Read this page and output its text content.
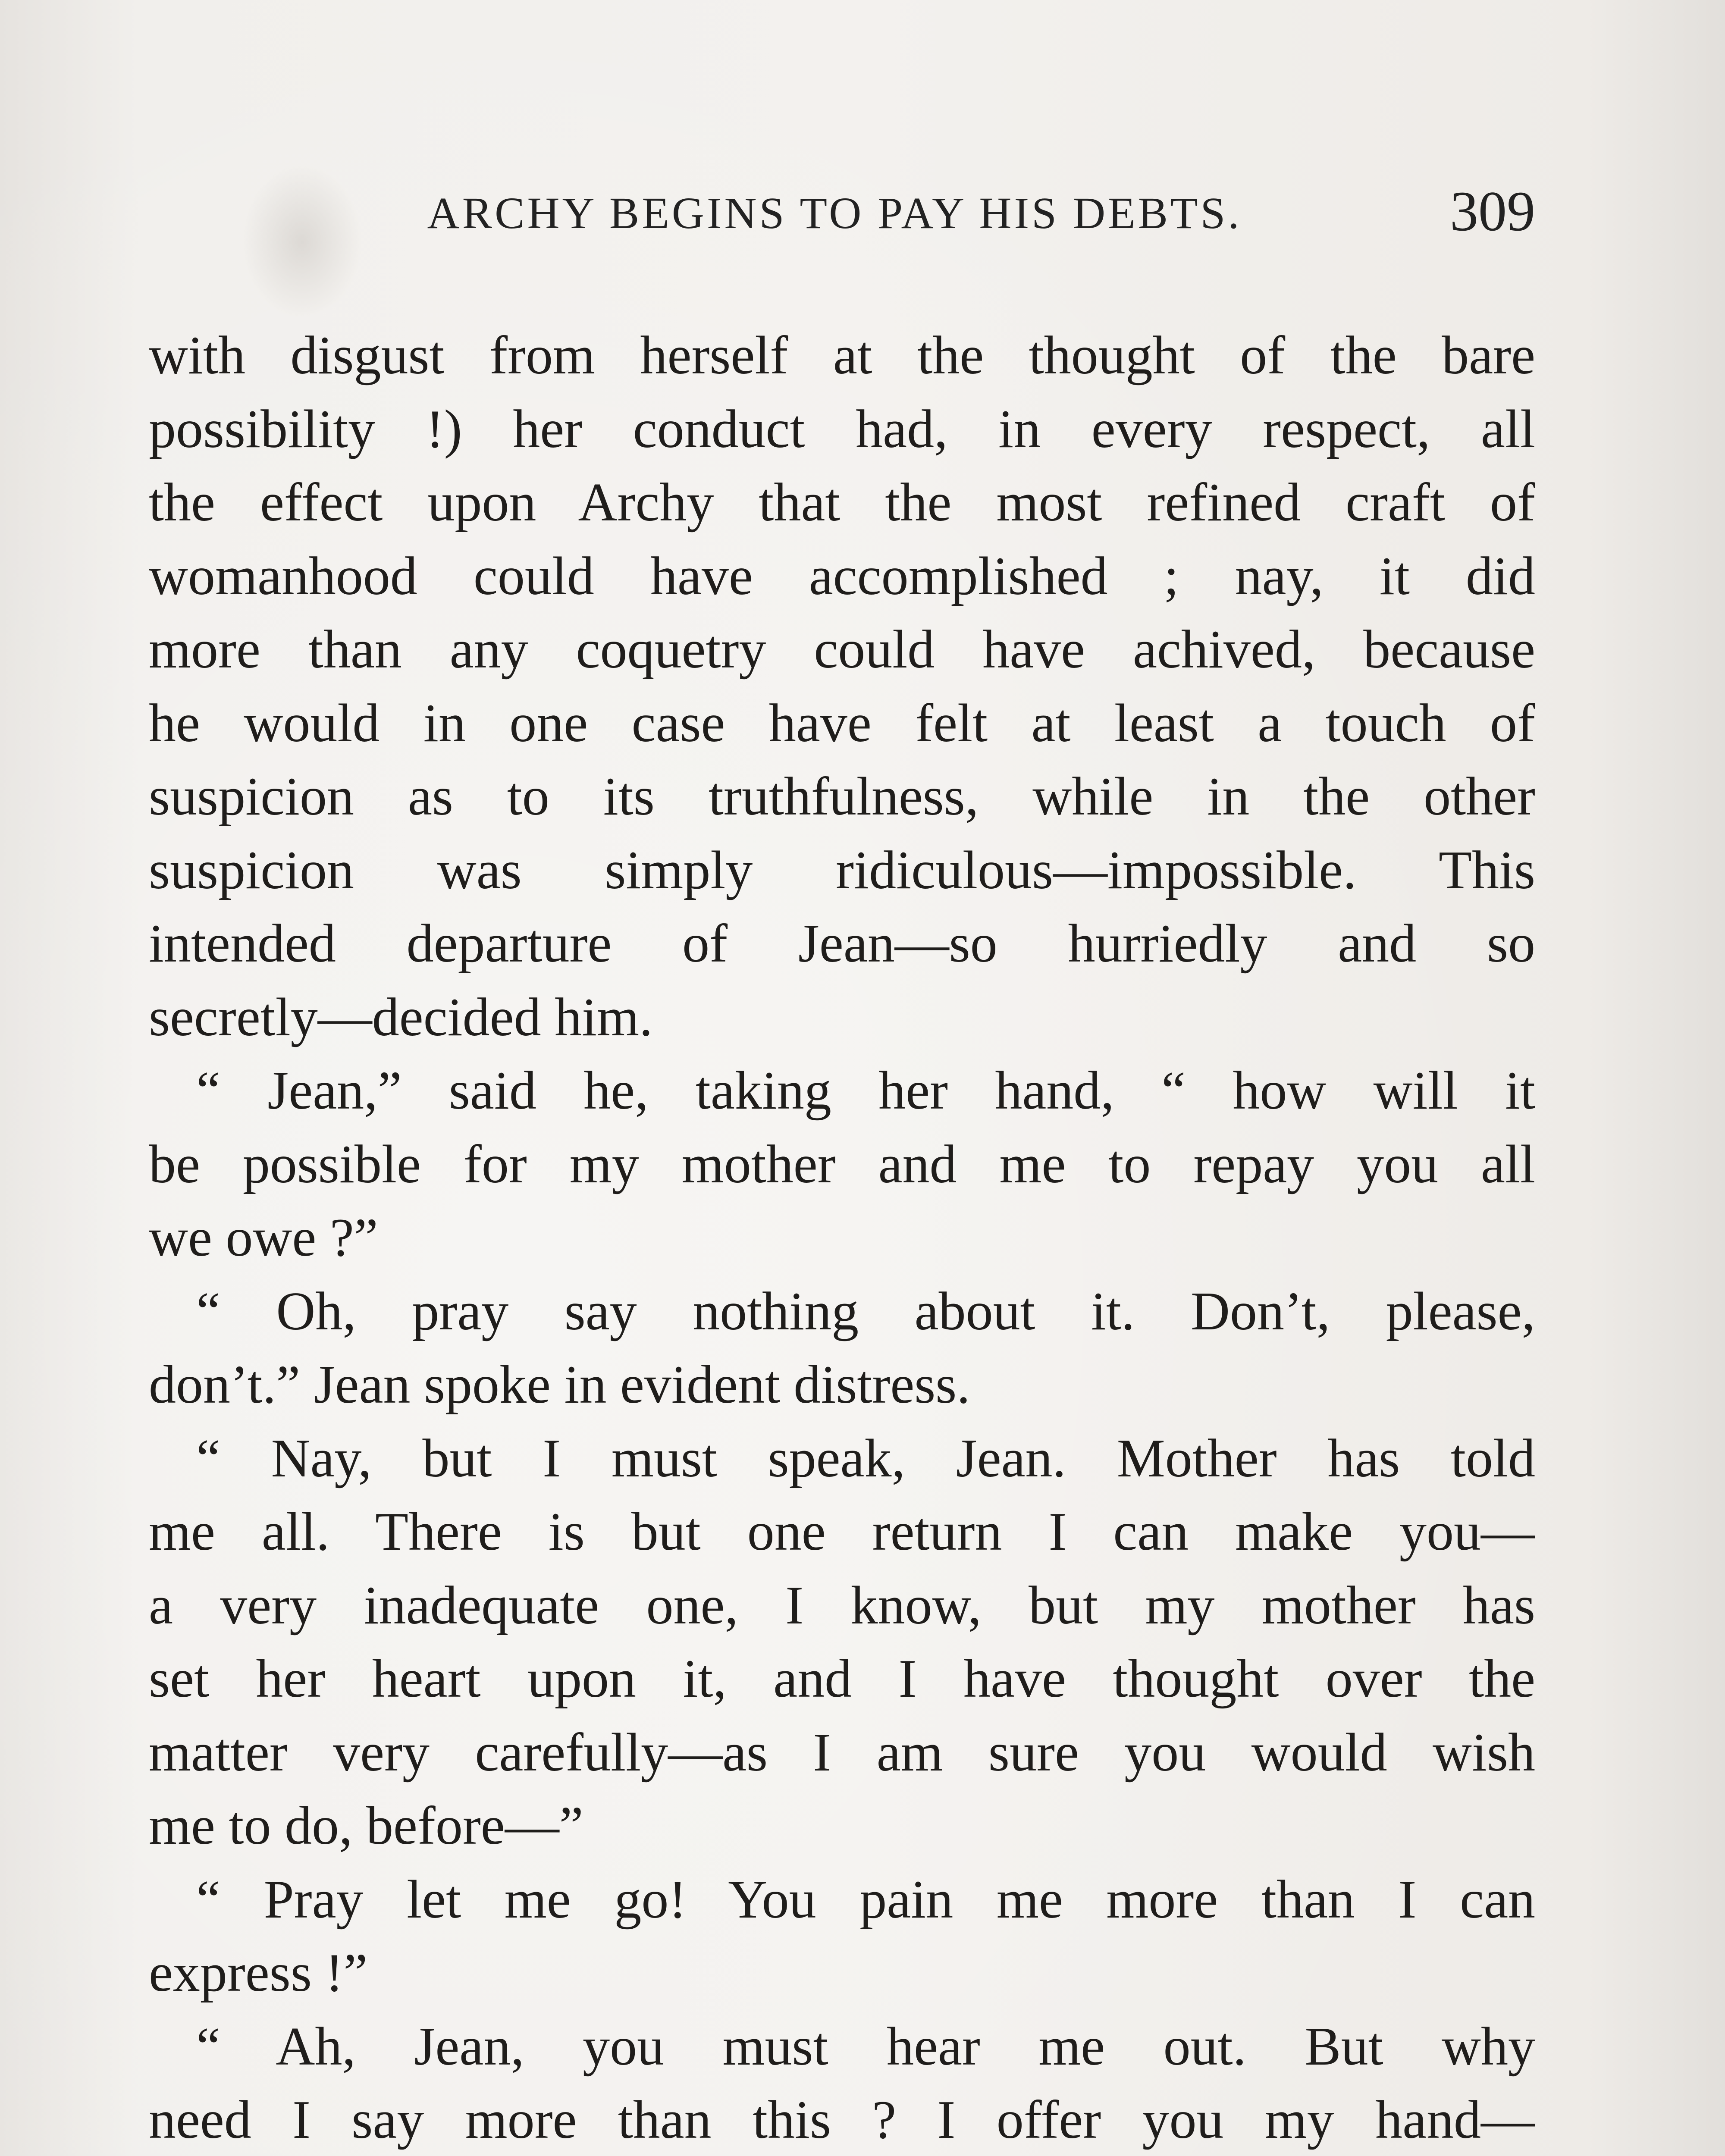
ARCHY BEGINS TO PAY HIS DEBTS.	309
with disgust from herself at the thought of the bare
possibility !) her conduct had, in every respect, all
the effect upon Archy that the most refined craft of
womanhood could have accomplished ; nay, it did
more than any coquetry could have achived, because
he would in one case have felt at least a touch of
suspicion as to its truthfulness, while in the other
suspicion was simply ridiculous—impossible. This
intended departure of Jean—so hurriedly and so
secretly—decided him.
“ Jean,” said he, taking her hand, “ how will it
be possible for my mother and me to repay you all
we owe ?”
“ Oh, pray say nothing about it. Don’t, please,
don’t.” Jean spoke in evident distress.
“ Nay, but I must speak, Jean. Mother has told
me all. There is but one return I can make you—
a very inadequate one, I know, but my mother has
set her heart upon it, and I have thought over the
matter very carefully—as I am sure you would wish
me to do, before—”
“ Pray let me go! You pain me more than I can
express !”
“ Ah, Jean, you must hear me out. But why
need I say more than this ? I offer you my hand—
